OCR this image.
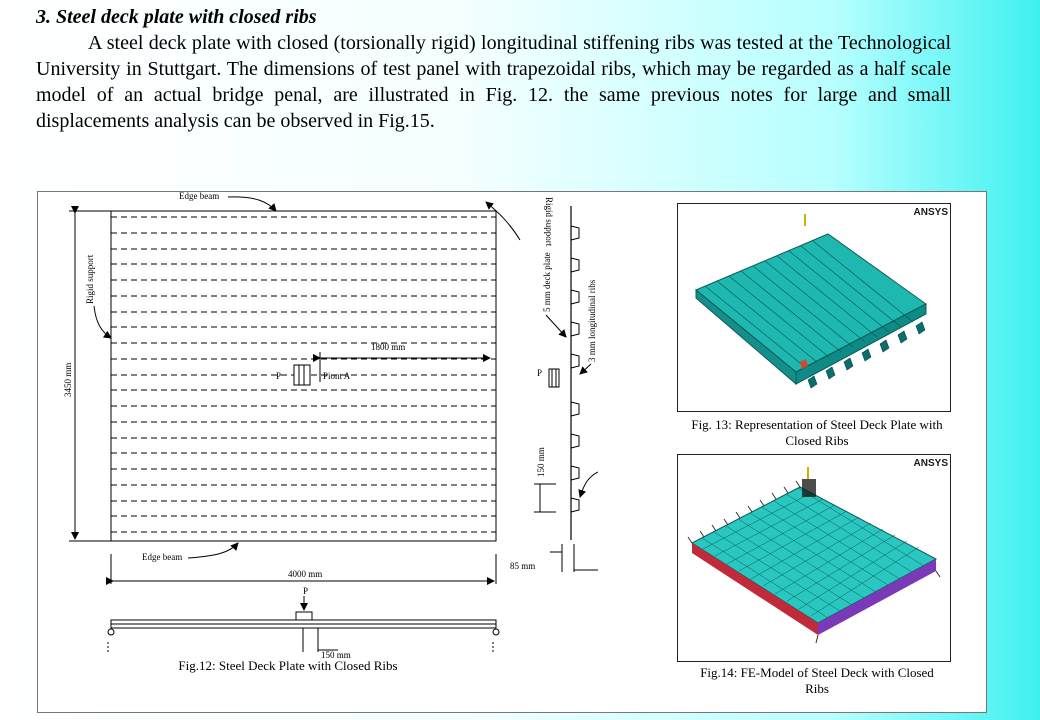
3. Steel deck plate with closed ribs

A steel deck plate with closed (torsionally rigid) longitudinal stiffening ribs was tested at the Technological University in Stuttgart. The dimensions of test panel with trapezoidal ribs, which may be regarded as a half scale model of an actual bridge penal, are illustrated in Fig. 12. the same previous notes for large and small displacements analysis can be observed in Fig.15.

P	Piont A
1800 mm
Edge beam
Edge beam
Rigid support
3450 mm
4000 mm
P
150 mm
Rigid support
P
5 mm deck plate	3 mm longitudinal ribs
150 mm
85 mm
Fig.12: Steel Deck Plate with Closed Ribs
ANSYS
Fig. 13: Representation of Steel Deck Plate with Closed Ribs
ANSYS
Fig.14: FE-Model of Steel Deck with Closed Ribs
